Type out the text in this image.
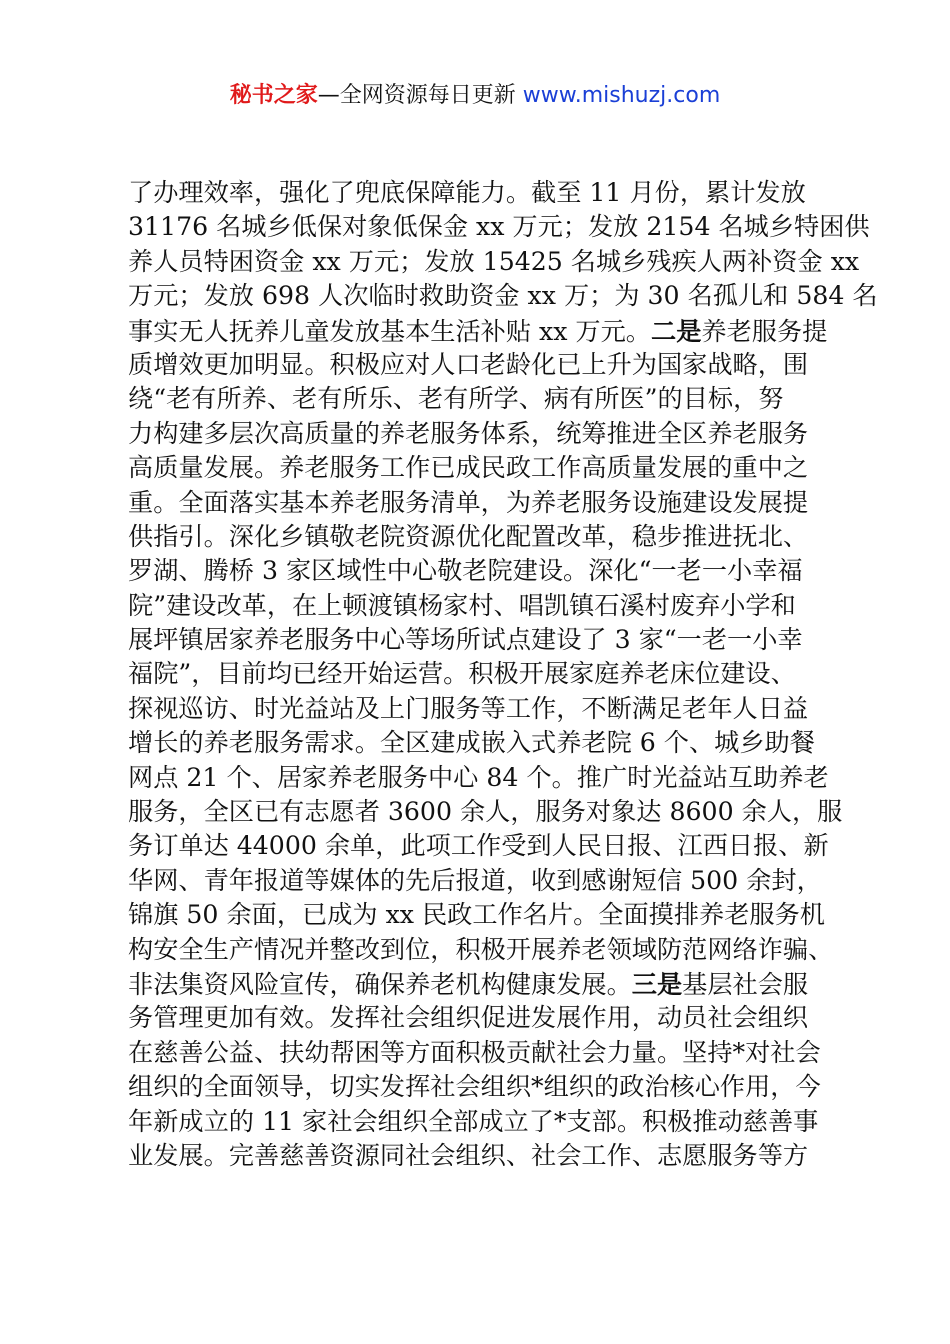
秘书之家—全网资源每日更新 www.mishuzj.com
了办理效率，强化了兜底保障能力。截至 11 月份，累计发放
31176 名城乡低保对象低保金 xx 万元；发放 2154 名城乡特困供
养人员特困资金 xx 万元；发放 15425 名城乡残疾人两补资金 xx
万元；发放 698 人次临时救助资金 xx 万；为 30 名孤儿和 584 名
事实无人抚养儿童发放基本生活补贴 xx 万元。二是养老服务提
质增效更加明显。积极应对人口老龄化已上升为国家战略，围
绕“老有所养、老有所乐、老有所学、病有所医”的目标，努
力构建多层次高质量的养老服务体系，统筹推进全区养老服务
高质量发展。养老服务工作已成民政工作高质量发展的重中之
重。全面落实基本养老服务清单，为养老服务设施建设发展提
供指引。深化乡镇敬老院资源优化配置改革，稳步推进抚北、
罗湖、腾桥 3 家区域性中心敬老院建设。深化“一老一小幸福
院”建设改革，在上顿渡镇杨家村、唱凯镇石溪村废弃小学和
展坪镇居家养老服务中心等场所试点建设了 3 家“一老一小幸
福院”，目前均已经开始运营。积极开展家庭养老床位建设、
探视巡访、时光益站及上门服务等工作，不断满足老年人日益
增长的养老服务需求。全区建成嵌入式养老院 6 个、城乡助餐
网点 21 个、居家养老服务中心 84 个。推广时光益站互助养老
服务，全区已有志愿者 3600 余人，服务对象达 8600 余人，服
务订单达 44000 余单，此项工作受到人民日报、江西日报、新
华网、青年报道等媒体的先后报道，收到感谢短信 500 余封，
锦旗 50 余面，已成为 xx 民政工作名片。全面摸排养老服务机
构安全生产情况并整改到位，积极开展养老领域防范网络诈骗、
非法集资风险宣传，确保养老机构健康发展。三是基层社会服
务管理更加有效。发挥社会组织促进发展作用，动员社会组织
在慈善公益、扶幼帮困等方面积极贡献社会力量。坚持*对社会
组织的全面领导，切实发挥社会组织*组织的政治核心作用，今
年新成立的 11 家社会组织全部成立了*支部。积极推动慈善事
业发展。完善慈善资源同社会组织、社会工作、志愿服务等方
